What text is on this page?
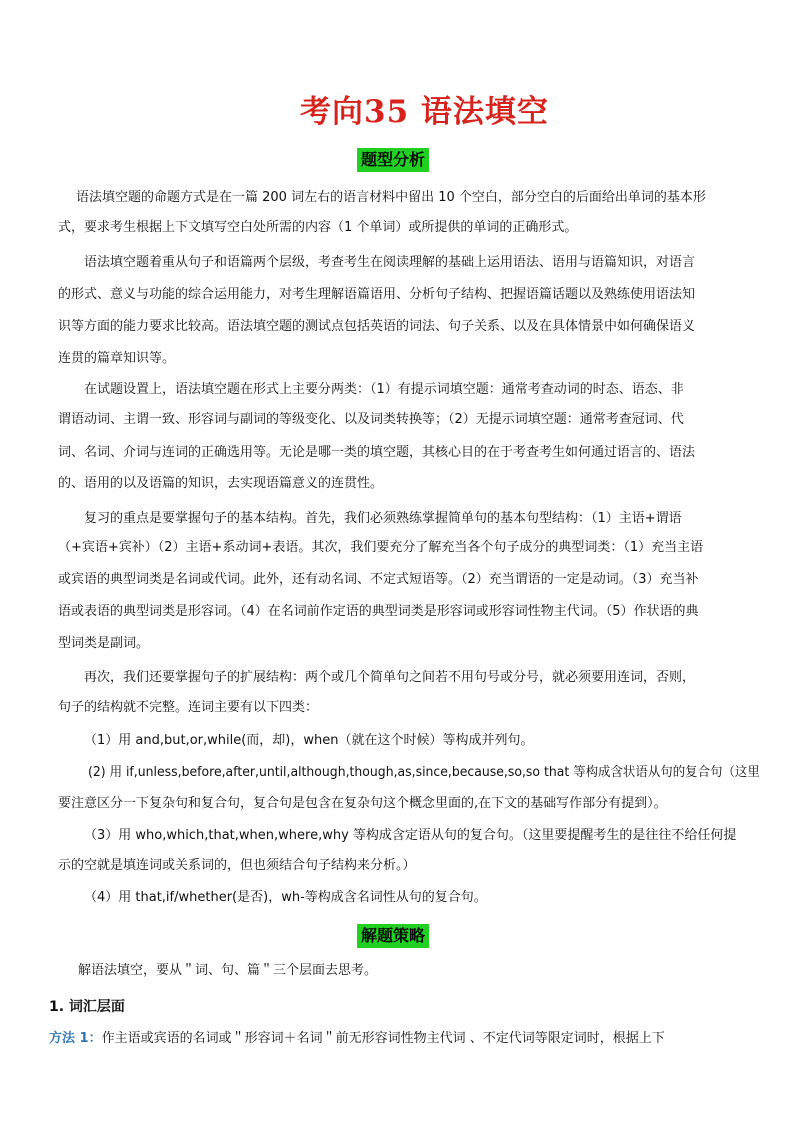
考向35 语法填空
题型分析
语法填空题的命题方式是在一篇 200 词左右的语言材料中留出 10 个空白，部分空白的后面给出单词的基本形
式，要求考生根据上下文填写空白处所需的内容（1 个单词）或所提供的单词的正确形式。
语法填空题着重从句子和语篇两个层级，考查考生在阅读理解的基础上运用语法、语用与语篇知识，对语言
的形式、意义与功能的综合运用能力，对考生理解语篇语用、分析句子结构、把握语篇话题以及熟练使用语法知
识等方面的能力要求比较高。语法填空题的测试点包括英语的词法、句子关系、以及在具体情景中如何确保语义
连贯的篇章知识等。
在试题设置上，语法填空题在形式上主要分两类：（1）有提示词填空题：通常考查动词的时态、语态、非
谓语动词、主谓一致、形容词与副词的等级变化、以及词类转换等；（2）无提示词填空题：通常考查冠词、代
词、名词、介词与连词的正确选用等。无论是哪一类的填空题，其核心目的在于考查考生如何通过语言的、语法
的、语用的以及语篇的知识，去实现语篇意义的连贯性。
复习的重点是要掌握句子的基本结构。首先，我们必须熟练掌握简单句的基本句型结构：（1）主语+谓语
（+宾语+宾补）（2）主语+系动词+表语。其次，我们要充分了解充当各个句子成分的典型词类：（1）充当主语
或宾语的典型词类是名词或代词。此外，还有动名词、不定式短语等。（2）充当谓语的一定是动词。（3）充当补
语或表语的典型词类是形容词。（4）在名词前作定语的典型词类是形容词或形容词性物主代词。（5）作状语的典
型词类是副词。
再次，我们还要掌握句子的扩展结构：两个或几个简单句之间若不用句号或分号，就必须要用连词，否则，
句子的结构就不完整。连词主要有以下四类：
（1）用 and,but,or,while(而，却)，when（就在这个时候）等构成并列句。
(2) 用 if,unless,before,after,until,although,though,as,since,because,so,so that 等构成含状语从句的复合句（这里
要注意区分一下复杂句和复合句，复合句是包含在复杂句这个概念里面的,在下文的基础写作部分有提到）。
（3）用 who,which,that,when,where,why 等构成含定语从句的复合句。（这里要提醒考生的是往往不给任何提
示的空就是填连词或关系词的，但也须结合句子结构来分析。）
（4）用 that,if/whether(是否)，wh-等构成含名词性从句的复合句。
解题策略
解语法填空，要从＂词、句、篇＂三个层面去思考。
1. 词汇层面
方法 1：作主语或宾语的名词或＂形容词＋名词＂前无形容词性物主代词 、不定代词等限定词时，根据上下
